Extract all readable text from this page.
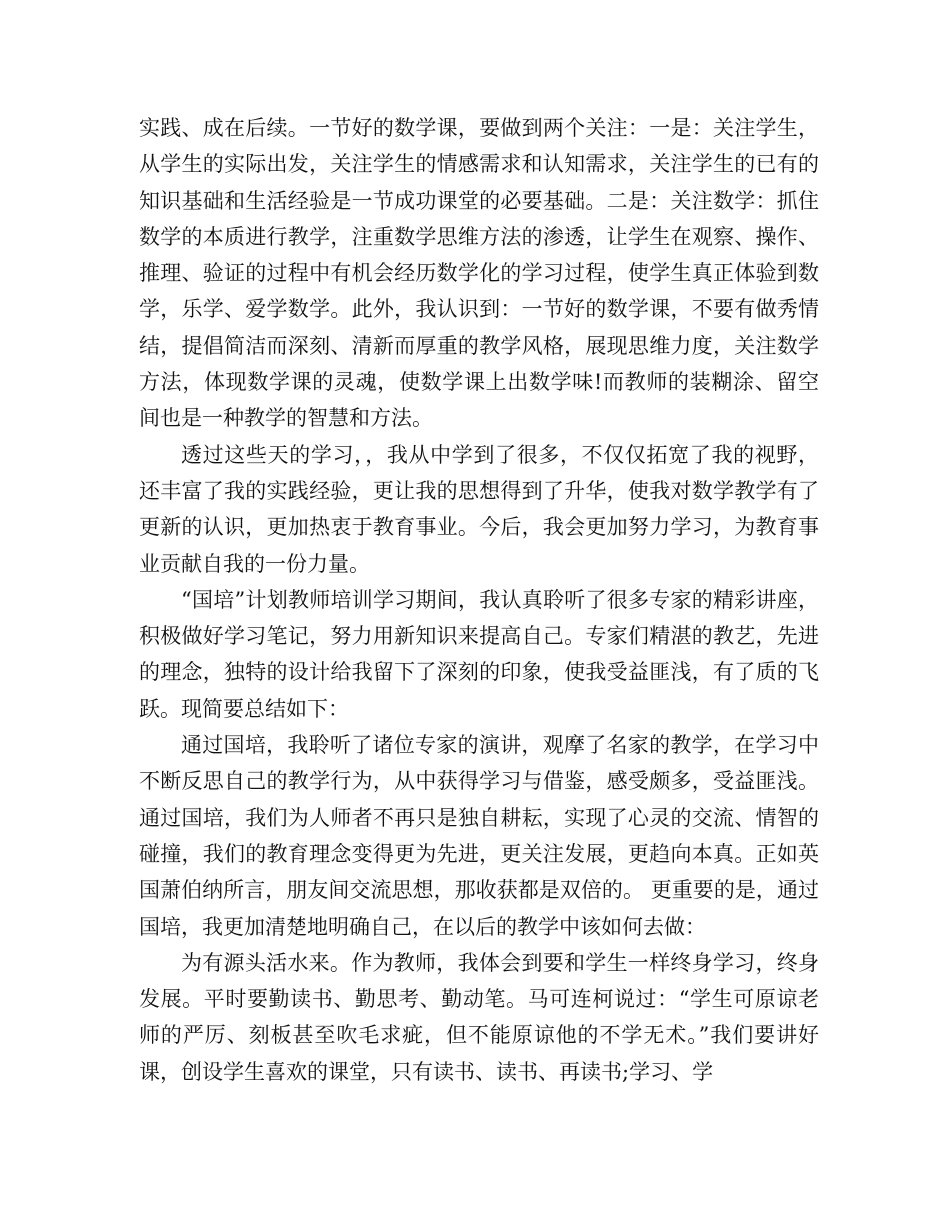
实践、成在后续。一节好的数学课，要做到两个关注：一是：关注学生，从学生的实际出发，关注学生的情感需求和认知需求，关注学生的已有的知识基础和生活经验是一节成功课堂的必要基础。二是：关注数学：抓住数学的本质进行教学，注重数学思维方法的渗透，让学生在观察、操作、推理、验证的过程中有机会经历数学化的学习过程，使学生真正体验到数学，乐学、爱学数学。此外，我认识到：一节好的数学课，不要有做秀情结，提倡简洁而深刻、清新而厚重的教学风格，展现思维力度，关注数学方法，体现数学课的灵魂，使数学课上出数学味!而教师的装糊涂、留空间也是一种教学的智慧和方法。

透过这些天的学习，，我从中学到了很多，不仅仅拓宽了我的视野，还丰富了我的实践经验，更让我的思想得到了升华，使我对数学教学有了更新的认识，更加热衷于教育事业。今后，我会更加努力学习，为教育事业贡献自我的一份力量。

“国培”计划教师培训学习期间，我认真聆听了很多专家的精彩讲座，积极做好学习笔记，努力用新知识来提高自己。专家们精湛的教艺，先进的理念，独特的设计给我留下了深刻的印象，使我受益匪浅，有了质的飞跃。现简要总结如下：

通过国培，我聆听了诸位专家的演讲，观摩了名家的教学，在学习中不断反思自己的教学行为，从中获得学习与借鉴，感受颇多，受益匪浅。通过国培，我们为人师者不再只是独自耕耘，实现了心灵的交流、情智的碰撞，我们的教育理念变得更为先进，更关注发展，更趋向本真。正如英国萧伯纳所言，朋友间交流思想，那收获都是双倍的。 更重要的是，通过国培，我更加清楚地明确自己，在以后的教学中该如何去做：

为有源头活水来。作为教师，我体会到要和学生一样终身学习，终身发展。平时要勤读书、勤思考、勤动笔。马可连柯说过：“学生可原谅老师的严厉、刻板甚至吹毛求疵，但不能原谅他的不学无术。”我们要讲好课，创设学生喜欢的课堂，只有读书、读书、再读书;学习、学
